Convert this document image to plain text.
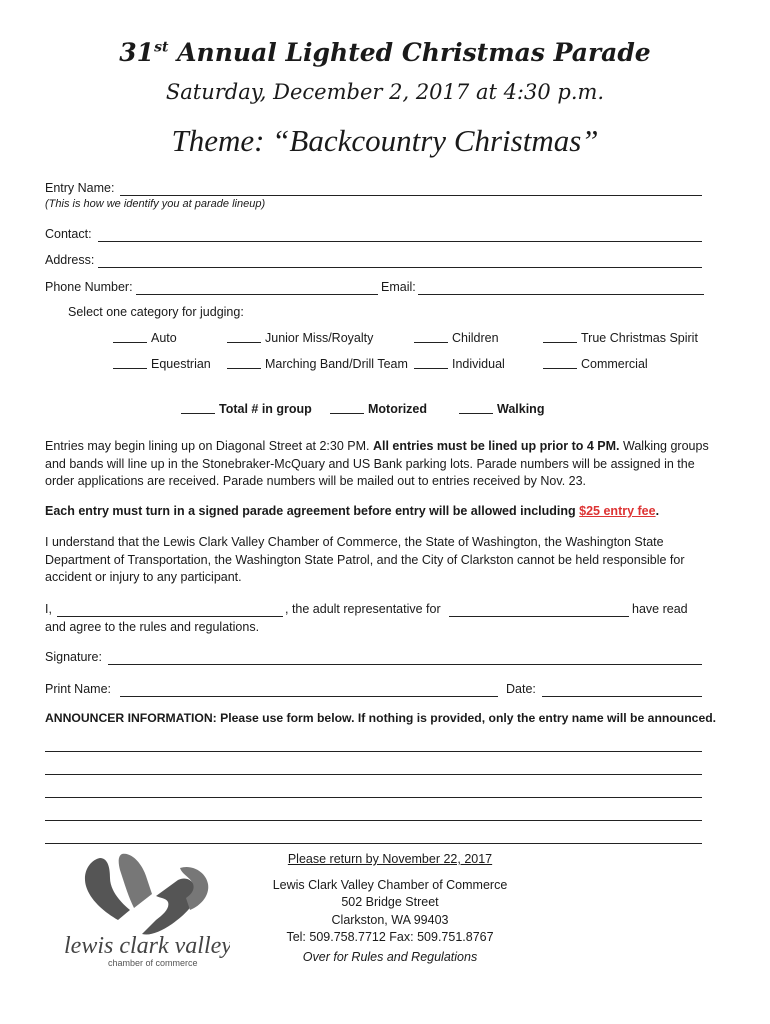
31st Annual Lighted Christmas Parade
Saturday, December 2, 2017 at 4:30 p.m.
Theme: “Backcountry Christmas”
Entry Name:
(This is how we identify you at parade lineup)
Contact:
Address:
Phone Number:	Email:
Select one category for judging:
Auto	Junior Miss/Royalty	Children	True Christmas Spirit
Equestrian	Marching Band/Drill Team	Individual	Commercial
Total # in group	Motorized	Walking
Entries may begin lining up on Diagonal Street at 2:30 PM. All entries must be lined up prior to 4 PM. Walking groups and bands will line up in the Stonebraker-McQuary and US Bank parking lots. Parade numbers will be assigned in the order applications are received. Parade numbers will be mailed out to entries received by Nov. 23.
Each entry must turn in a signed parade agreement before entry will be allowed including $25 entry fee.
I understand that the Lewis Clark Valley Chamber of Commerce, the State of Washington, the Washington State Department of Transportation, the Washington State Patrol, and the City of Clarkston cannot be held responsible for accident or injury to any participant.
I,	, the adult representative for	have read
and agree to the rules and regulations.
Signature:
Print Name:	Date:
ANNOUNCER INFORMATION: Please use form below. If nothing is provided, only the entry name will be announced.
lewis clark valley
chamber of commerce
Please return by November 22, 2017
Lewis Clark Valley Chamber of Commerce
502 Bridge Street
Clarkston, WA 99403
Tel: 509.758.7712 Fax: 509.751.8767
Over for Rules and Regulations
